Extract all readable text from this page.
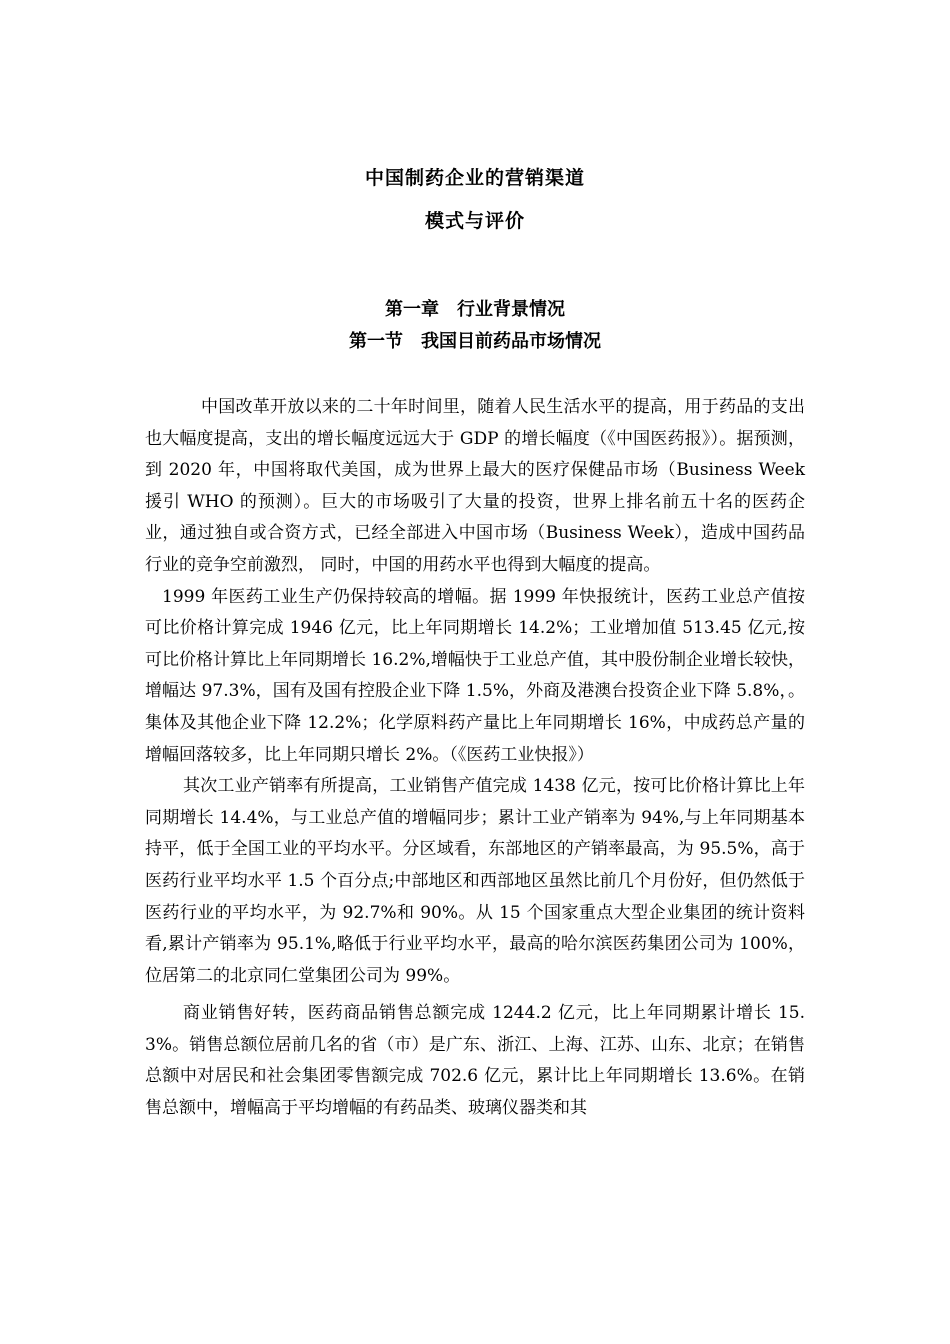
中国制药企业的营销渠道
模式与评价
第一章　行业背景情况
第一节　我国目前药品市场情况

中国改革开放以来的二十年时间里，随着人民生活水平的提高，用于药品的支出也大幅度提高，支出的增长幅度远远大于 GDP 的增长幅度（《中国医药报》）。据预测，到 2020 年，中国将取代美国，成为世界上最大的医疗保健品市场（Business Week 援引 WHO 的预测）。巨大的市场吸引了大量的投资，世界上排名前五十名的医药企业，通过独自或合资方式，已经全部进入中国市场（Business Week），造成中国药品行业的竞争空前激烈， 同时，中国的用药水平也得到大幅度的提高。

1999 年医药工业生产仍保持较高的增幅。据 1999 年快报统计，医药工业总产值按可比价格计算完成 1946 亿元，比上年同期增长 14.2%；工业增加值 513.45 亿元,按可比价格计算比上年同期增长 16.2%,增幅快于工业总产值，其中股份制企业增长较快，增幅达 97.3%，国有及国有控股企业下降 1.5%，外商及港澳台投资企业下降 5.8%，。集体及其他企业下降 12.2%；化学原料药产量比上年同期增长 16%，中成药总产量的增幅回落较多，比上年同期只增长 2%。（《医药工业快报》）

其次工业产销率有所提高，工业销售产值完成 1438 亿元，按可比价格计算比上年同期增长 14.4%，与工业总产值的增幅同步；累计工业产销率为 94%,与上年同期基本持平，低于全国工业的平均水平。分区域看，东部地区的产销率最高，为 95.5%，高于医药行业平均水平 1.5 个百分点;中部地区和西部地区虽然比前几个月份好，但仍然低于医药行业的平均水平，为 92.7%和 90%。从 15 个国家重点大型企业集团的统计资料看,累计产销率为 95.1%,略低于行业平均水平，最高的哈尔滨医药集团公司为 100%，位居第二的北京同仁堂集团公司为 99%。

商业销售好转，医药商品销售总额完成 1244.2 亿元，比上年同期累计增长 15.3%。销售总额位居前几名的省（市）是广东、浙江、上海、江苏、山东、北京；在销售总额中对居民和社会集团零售额完成 702.6 亿元，累计比上年同期增长 13.6%。在销售总额中，增幅高于平均增幅的有药品类、玻璃仪器类和其
